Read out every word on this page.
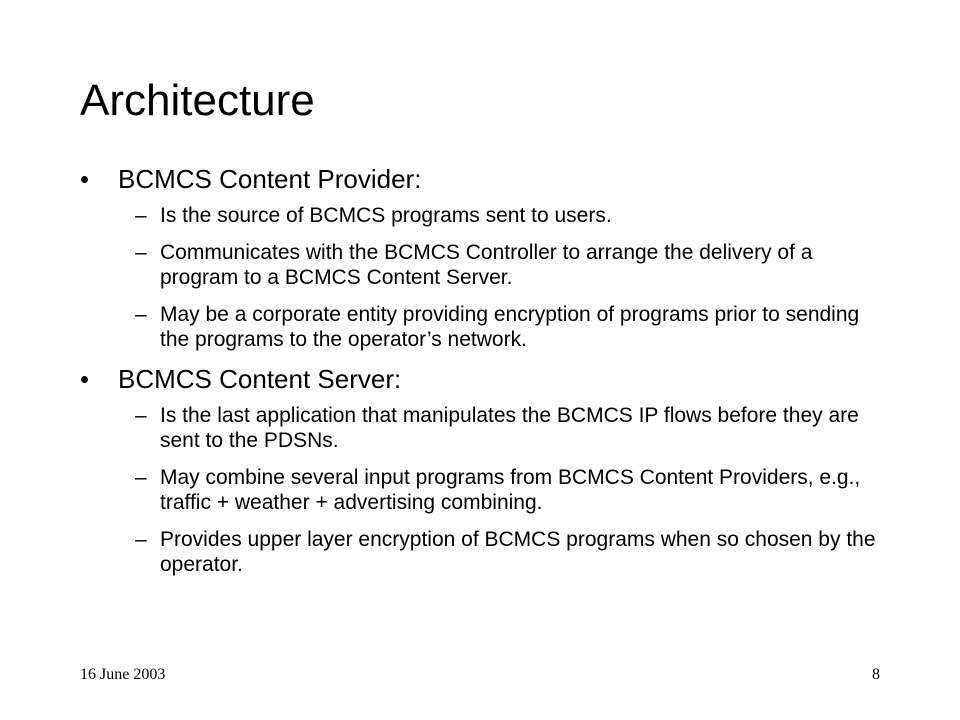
Architecture
• BCMCS Content Provider:
– Is the source of BCMCS programs sent to users.
– Communicates with the BCMCS Controller to arrange the delivery of a program to a BCMCS Content Server.
– May be a corporate entity providing encryption of programs prior to sending the programs to the operator’s network.
• BCMCS Content Server:
– Is the last application that manipulates the BCMCS IP flows before they are sent to the PDSNs.
– May combine several input programs from BCMCS Content Providers, e.g., traffic + weather + advertising combining.
– Provides upper layer encryption of BCMCS programs when so chosen by the operator.
16 June 2003	8
